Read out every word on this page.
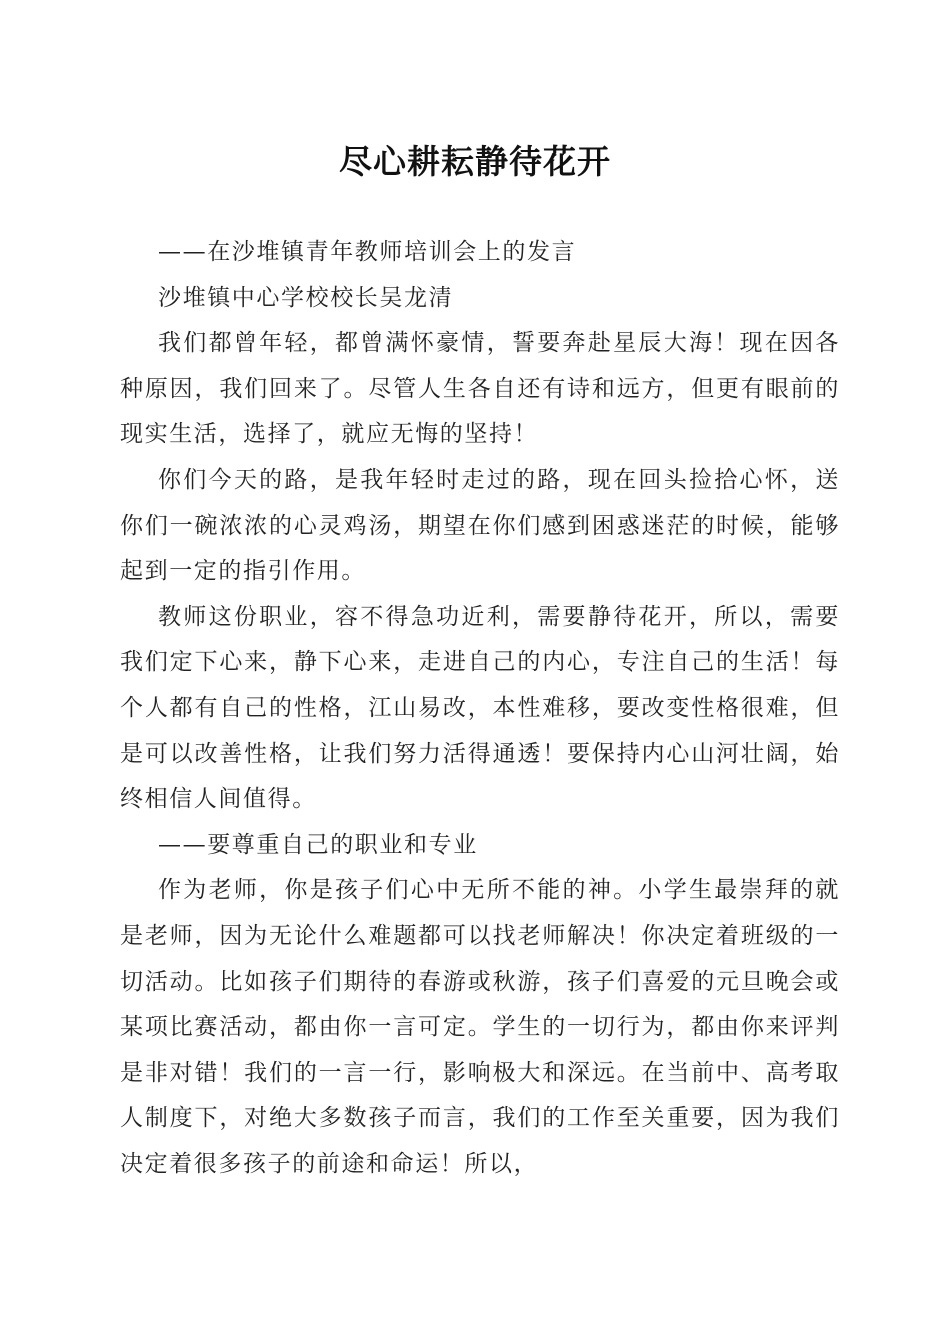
尽心耕耘静待花开

——在沙堆镇青年教师培训会上的发言

沙堆镇中心学校校长吴龙清

我们都曾年轻，都曾满怀豪情，誓要奔赴星辰大海！现在因各种原因，我们回来了。尽管人生各自还有诗和远方，但更有眼前的现实生活，选择了，就应无悔的坚持！

你们今天的路，是我年轻时走过的路，现在回头捡拾心怀，送你们一碗浓浓的心灵鸡汤，期望在你们感到困惑迷茫的时候，能够起到一定的指引作用。

教师这份职业，容不得急功近利，需要静待花开，所以，需要我们定下心来，静下心来，走进自己的内心，专注自己的生活！每个人都有自己的性格，江山易改，本性难移，要改变性格很难，但是可以改善性格，让我们努力活得通透！要保持内心山河壮阔，始终相信人间值得。

——要尊重自己的职业和专业

作为老师，你是孩子们心中无所不能的神。小学生最崇拜的就是老师，因为无论什么难题都可以找老师解决！你决定着班级的一切活动。比如孩子们期待的春游或秋游，孩子们喜爱的元旦晚会或某项比赛活动，都由你一言可定。学生的一切行为，都由你来评判是非对错！我们的一言一行，影响极大和深远。在当前中、高考取人制度下，对绝大多数孩子而言，我们的工作至关重要，因为我们决定着很多孩子的前途和命运！所以，
